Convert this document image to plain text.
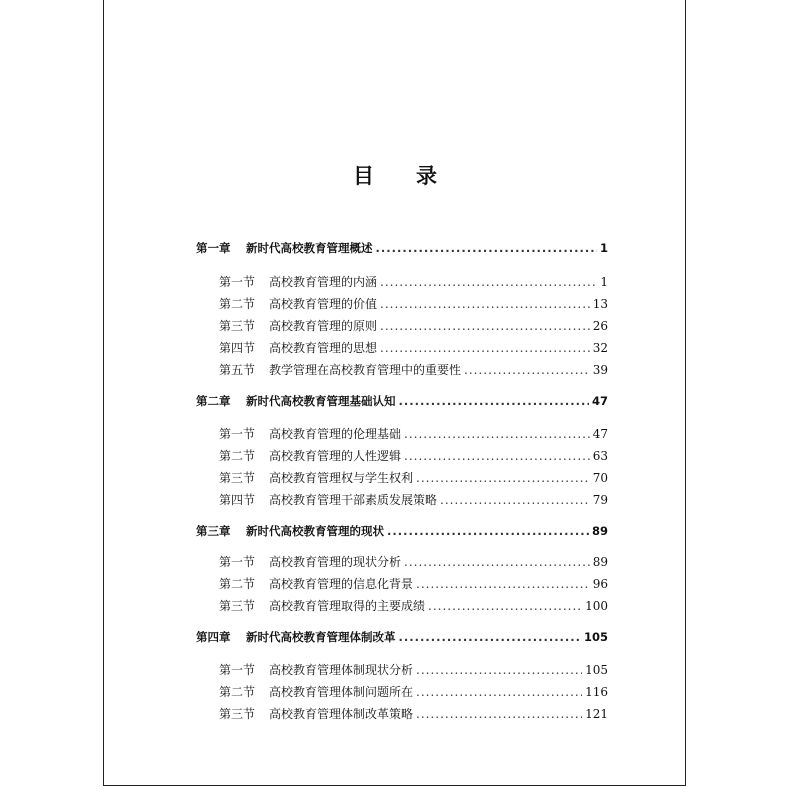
目 录
第一章	新时代高校教育管理概述 .....	1
第一节	高校教育管理的内涵 .....	1
第二节	高校教育管理的价值 .....	13
第三节	高校教育管理的原则 .....	26
第四节	高校教育管理的思想 .....	32
第五节	教学管理在高校教育管理中的重要性 .....	39
第二章	新时代高校教育管理基础认知 .....	47
第一节	高校教育管理的伦理基础 .....	47
第二节	高校教育管理的人性逻辑 .....	63
第三节	高校教育管理权与学生权利 .....	70
第四节	高校教育管理干部素质发展策略 .....	79
第三章	新时代高校教育管理的现状 .....	89
第一节	高校教育管理的现状分析 .....	89
第二节	高校教育管理的信息化背景 .....	96
第三节	高校教育管理取得的主要成绩 .....	100
第四章	新时代高校教育管理体制改革 .....	105
第一节	高校教育管理体制现状分析 .....	105
第二节	高校教育管理体制问题所在 .....	116
第三节	高校教育管理体制改革策略 .....	121
